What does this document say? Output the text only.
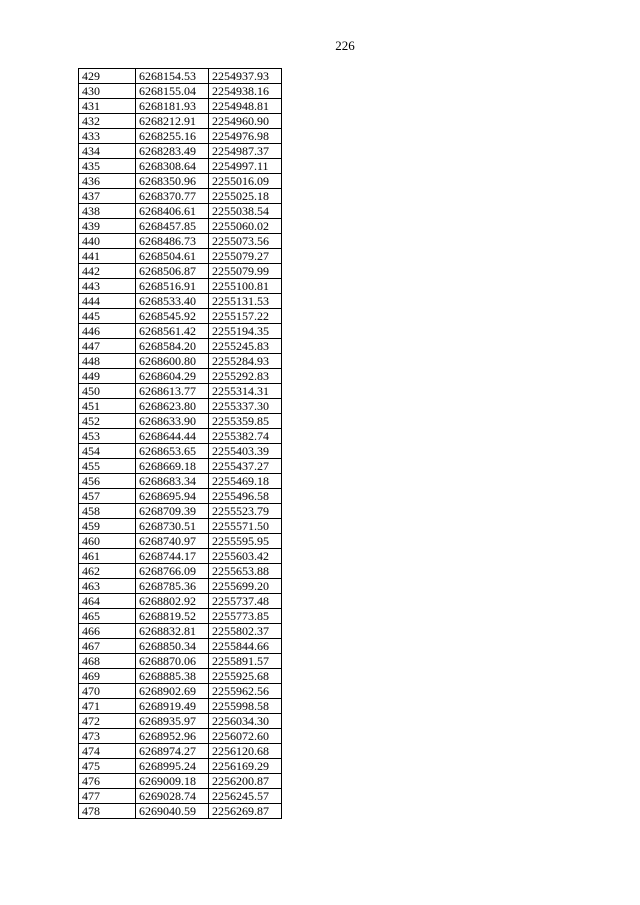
226
429	6268154.53	2254937.93
430	6268155.04	2254938.16
431	6268181.93	2254948.81
432	6268212.91	2254960.90
433	6268255.16	2254976.98
434	6268283.49	2254987.37
435	6268308.64	2254997.11
436	6268350.96	2255016.09
437	6268370.77	2255025.18
438	6268406.61	2255038.54
439	6268457.85	2255060.02
440	6268486.73	2255073.56
441	6268504.61	2255079.27
442	6268506.87	2255079.99
443	6268516.91	2255100.81
444	6268533.40	2255131.53
445	6268545.92	2255157.22
446	6268561.42	2255194.35
447	6268584.20	2255245.83
448	6268600.80	2255284.93
449	6268604.29	2255292.83
450	6268613.77	2255314.31
451	6268623.80	2255337.30
452	6268633.90	2255359.85
453	6268644.44	2255382.74
454	6268653.65	2255403.39
455	6268669.18	2255437.27
456	6268683.34	2255469.18
457	6268695.94	2255496.58
458	6268709.39	2255523.79
459	6268730.51	2255571.50
460	6268740.97	2255595.95
461	6268744.17	2255603.42
462	6268766.09	2255653.88
463	6268785.36	2255699.20
464	6268802.92	2255737.48
465	6268819.52	2255773.85
466	6268832.81	2255802.37
467	6268850.34	2255844.66
468	6268870.06	2255891.57
469	6268885.38	2255925.68
470	6268902.69	2255962.56
471	6268919.49	2255998.58
472	6268935.97	2256034.30
473	6268952.96	2256072.60
474	6268974.27	2256120.68
475	6268995.24	2256169.29
476	6269009.18	2256200.87
477	6269028.74	2256245.57
478	6269040.59	2256269.87
